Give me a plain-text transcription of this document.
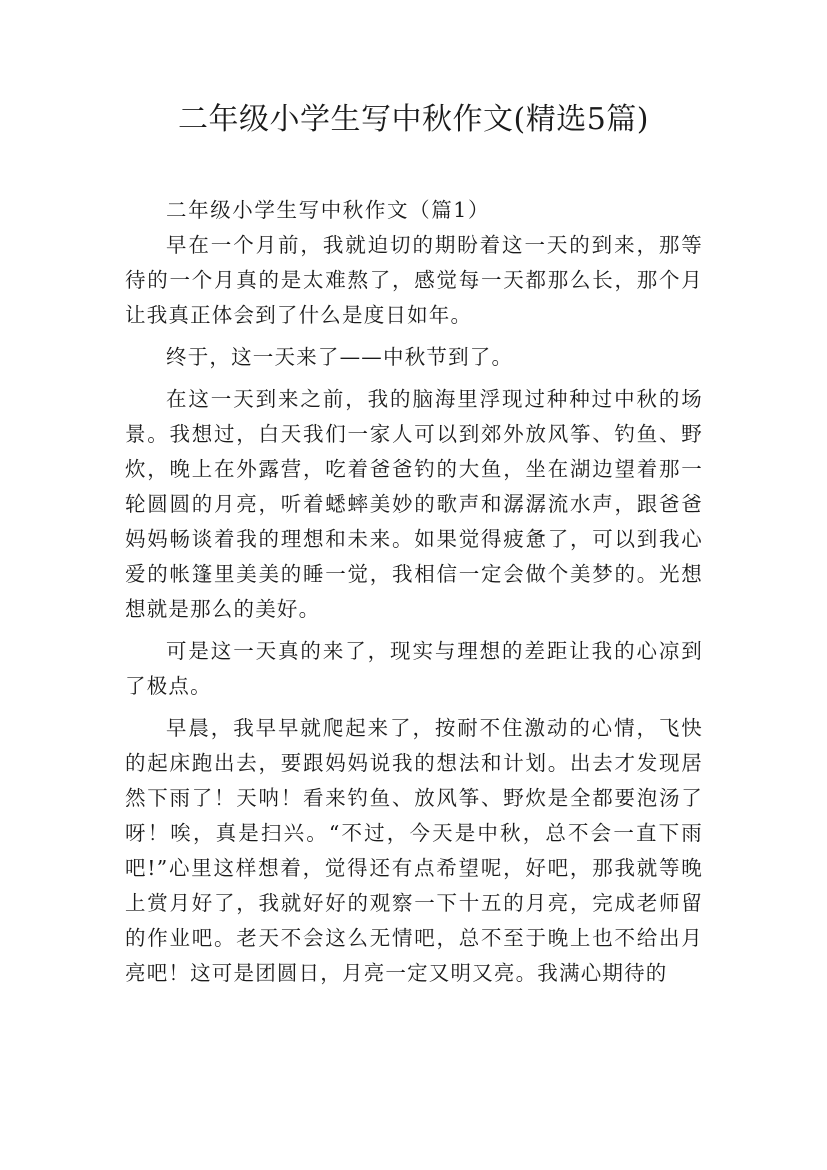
二年级小学生写中秋作文(精选5篇)

二年级小学生写中秋作文（篇1）

早在一个月前，我就迫切的期盼着这一天的到来，那等待的一个月真的是太难熬了，感觉每一天都那么长，那个月让我真正体会到了什么是度日如年。

终于，这一天来了——中秋节到了。

在这一天到来之前，我的脑海里浮现过种种过中秋的场景。我想过，白天我们一家人可以到郊外放风筝、钓鱼、野炊，晚上在外露营，吃着爸爸钓的大鱼，坐在湖边望着那一轮圆圆的月亮，听着蟋蟀美妙的歌声和潺潺流水声，跟爸爸妈妈畅谈着我的理想和未来。如果觉得疲惫了，可以到我心爱的帐篷里美美的睡一觉，我相信一定会做个美梦的。光想想就是那么的美好。

可是这一天真的来了，现实与理想的差距让我的心凉到了极点。

早晨，我早早就爬起来了，按耐不住激动的心情，飞快的起床跑出去，要跟妈妈说我的想法和计划。出去才发现居然下雨了！天呐！看来钓鱼、放风筝、野炊是全都要泡汤了呀！唉，真是扫兴。“不过，今天是中秋，总不会一直下雨吧!”心里这样想着，觉得还有点希望呢，好吧，那我就等晚上赏月好了，我就好好的观察一下十五的月亮，完成老师留的作业吧。老天不会这么无情吧，总不至于晚上也不给出月亮吧！这可是团圆日，月亮一定又明又亮。我满心期待的
